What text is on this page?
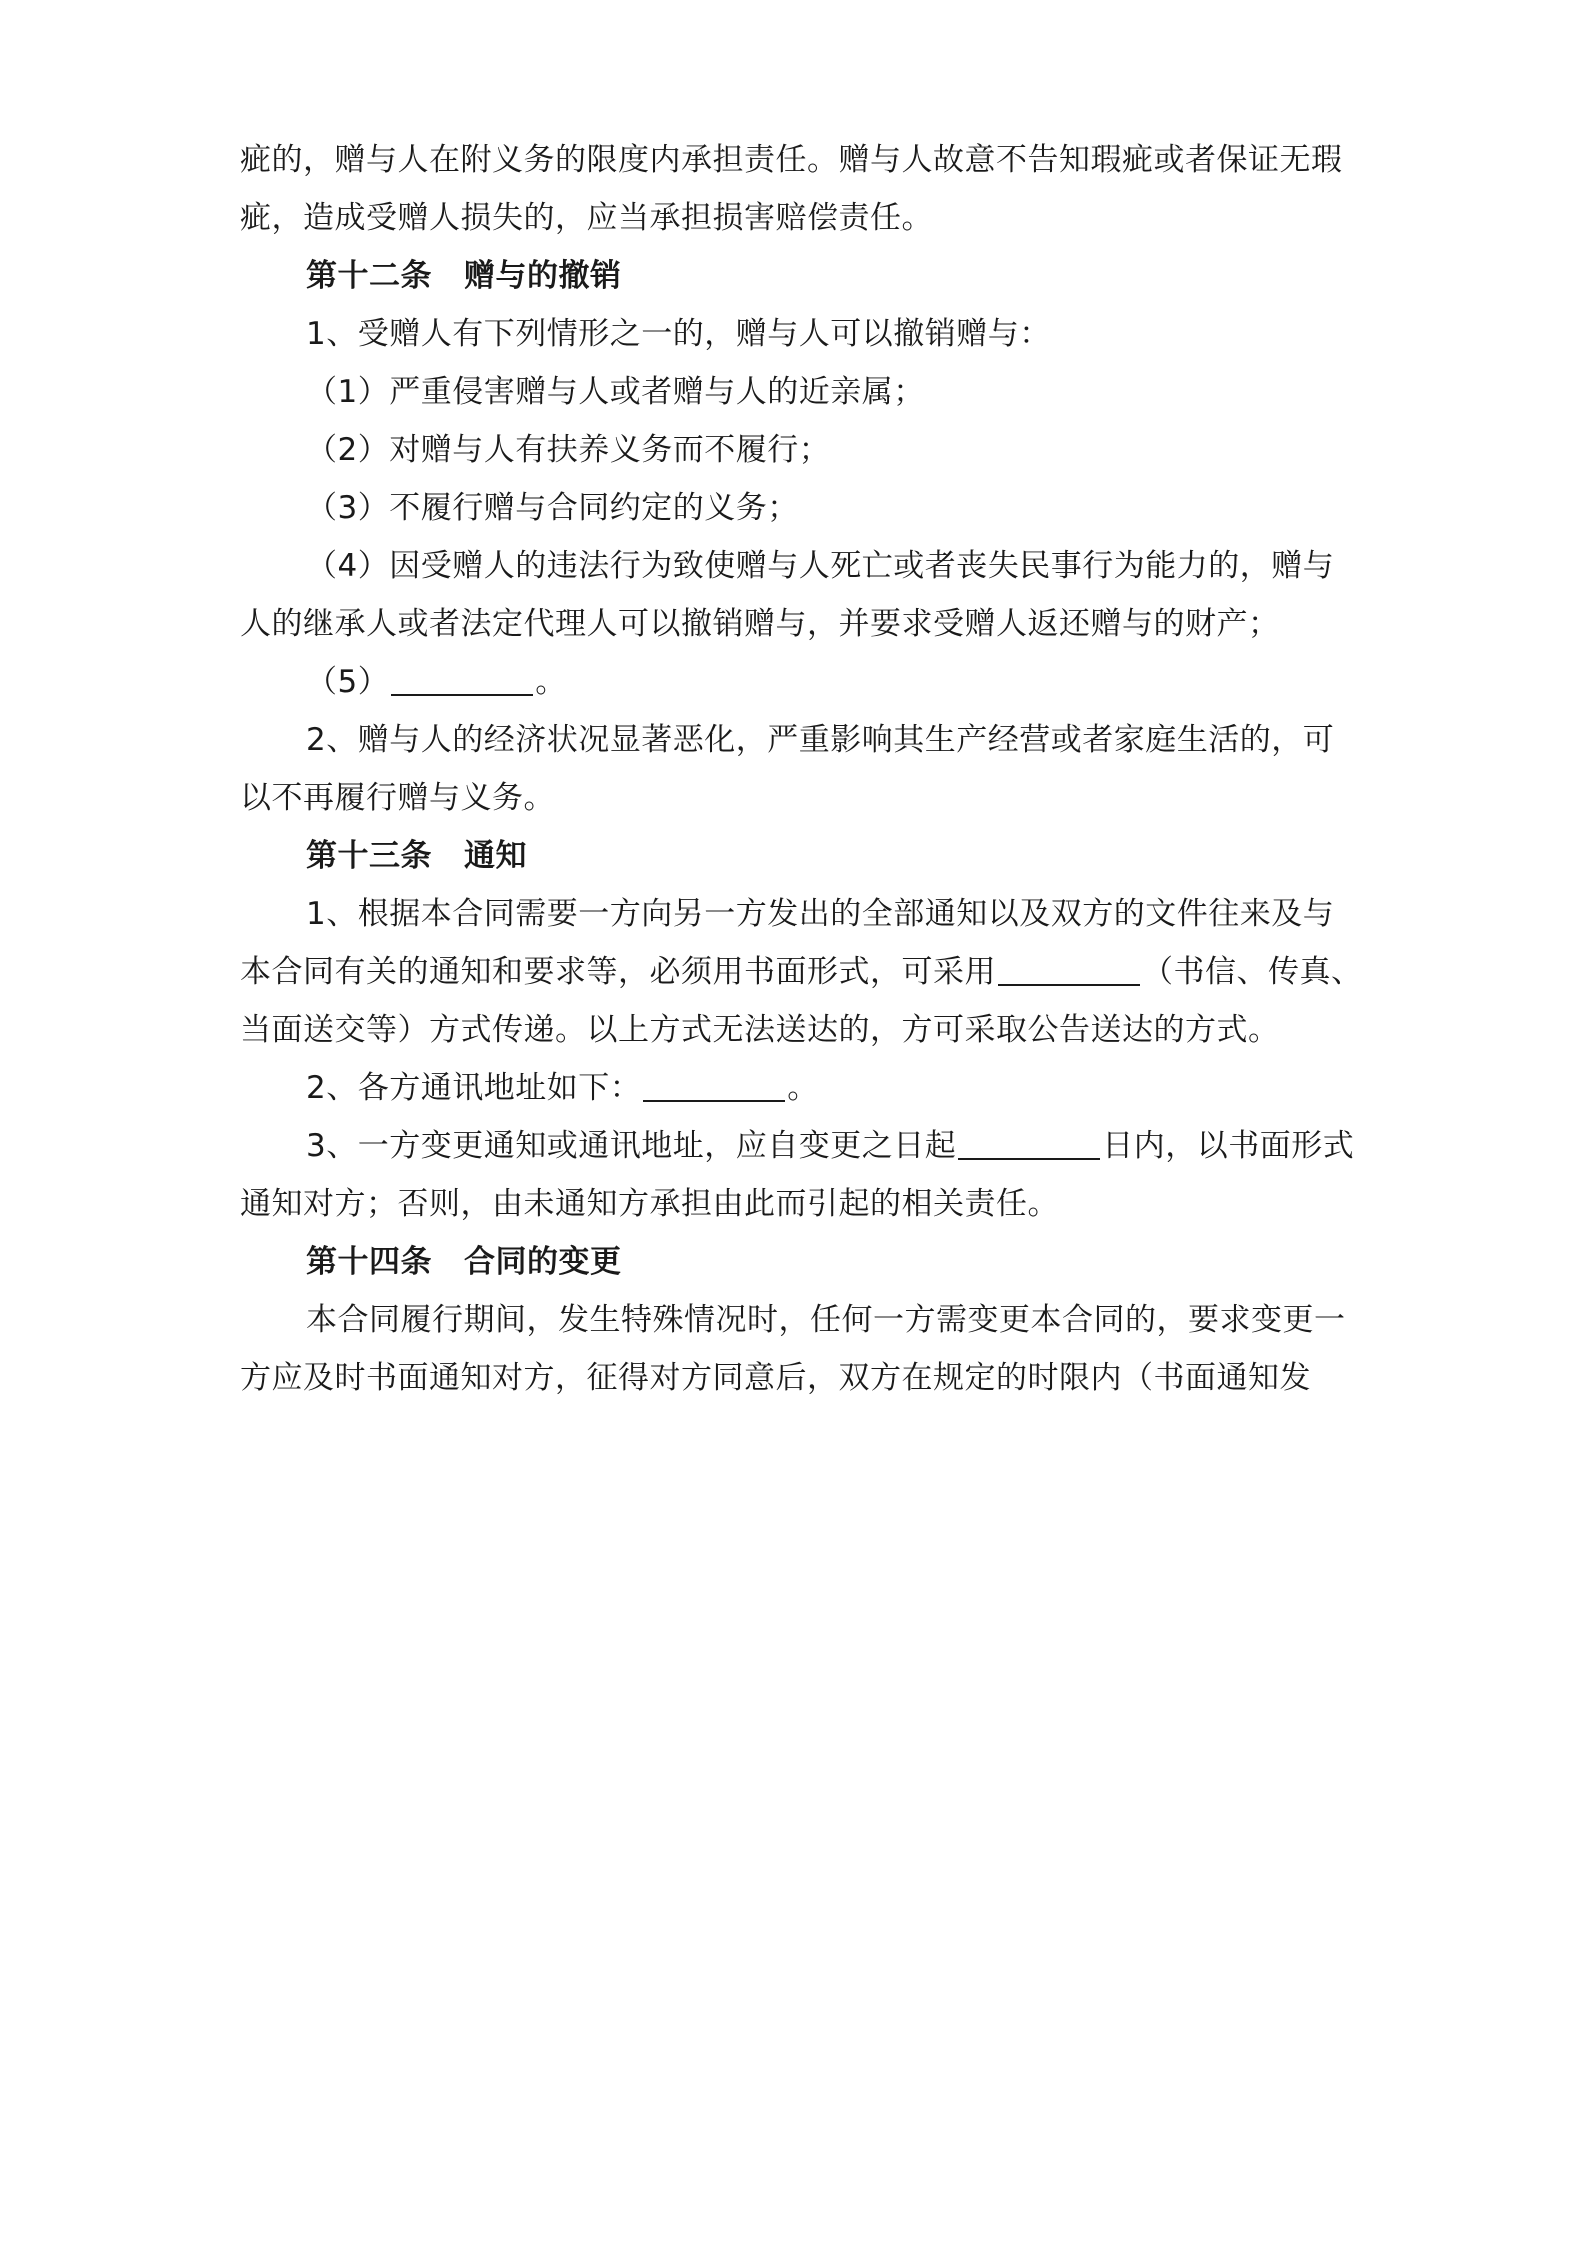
疵的，赠与人在附义务的限度内承担责任。赠与人故意不告知瑕疵或者保证无瑕
疵，造成受赠人损失的，应当承担损害赔偿责任。
第十二条 赠与的撤销
1、受赠人有下列情形之一的，赠与人可以撤销赠与：
（1）严重侵害赠与人或者赠与人的近亲属；
（2）对赠与人有扶养义务而不履行；
（3）不履行赠与合同约定的义务；
（4）因受赠人的违法行为致使赠与人死亡或者丧失民事行为能力的，赠与
人的继承人或者法定代理人可以撤销赠与，并要求受赠人返还赠与的财产；
（5）	。
2、赠与人的经济状况显著恶化，严重影响其生产经营或者家庭生活的，可
以不再履行赠与义务。
第十三条 通知
1、根据本合同需要一方向另一方发出的全部通知以及双方的文件往来及与
本合同有关的通知和要求等，必须用书面形式，可采用	（书信、传真、
当面送交等）方式传递。以上方式无法送达的，方可采取公告送达的方式。
2、各方通讯地址如下：	。
3、一方变更通知或通讯地址，应自变更之日起	日内，以书面形式
通知对方；否则，由未通知方承担由此而引起的相关责任。
第十四条 合同的变更
本合同履行期间，发生特殊情况时，任何一方需变更本合同的，要求变更一
方应及时书面通知对方，征得对方同意后，双方在规定的时限内（书面通知发
